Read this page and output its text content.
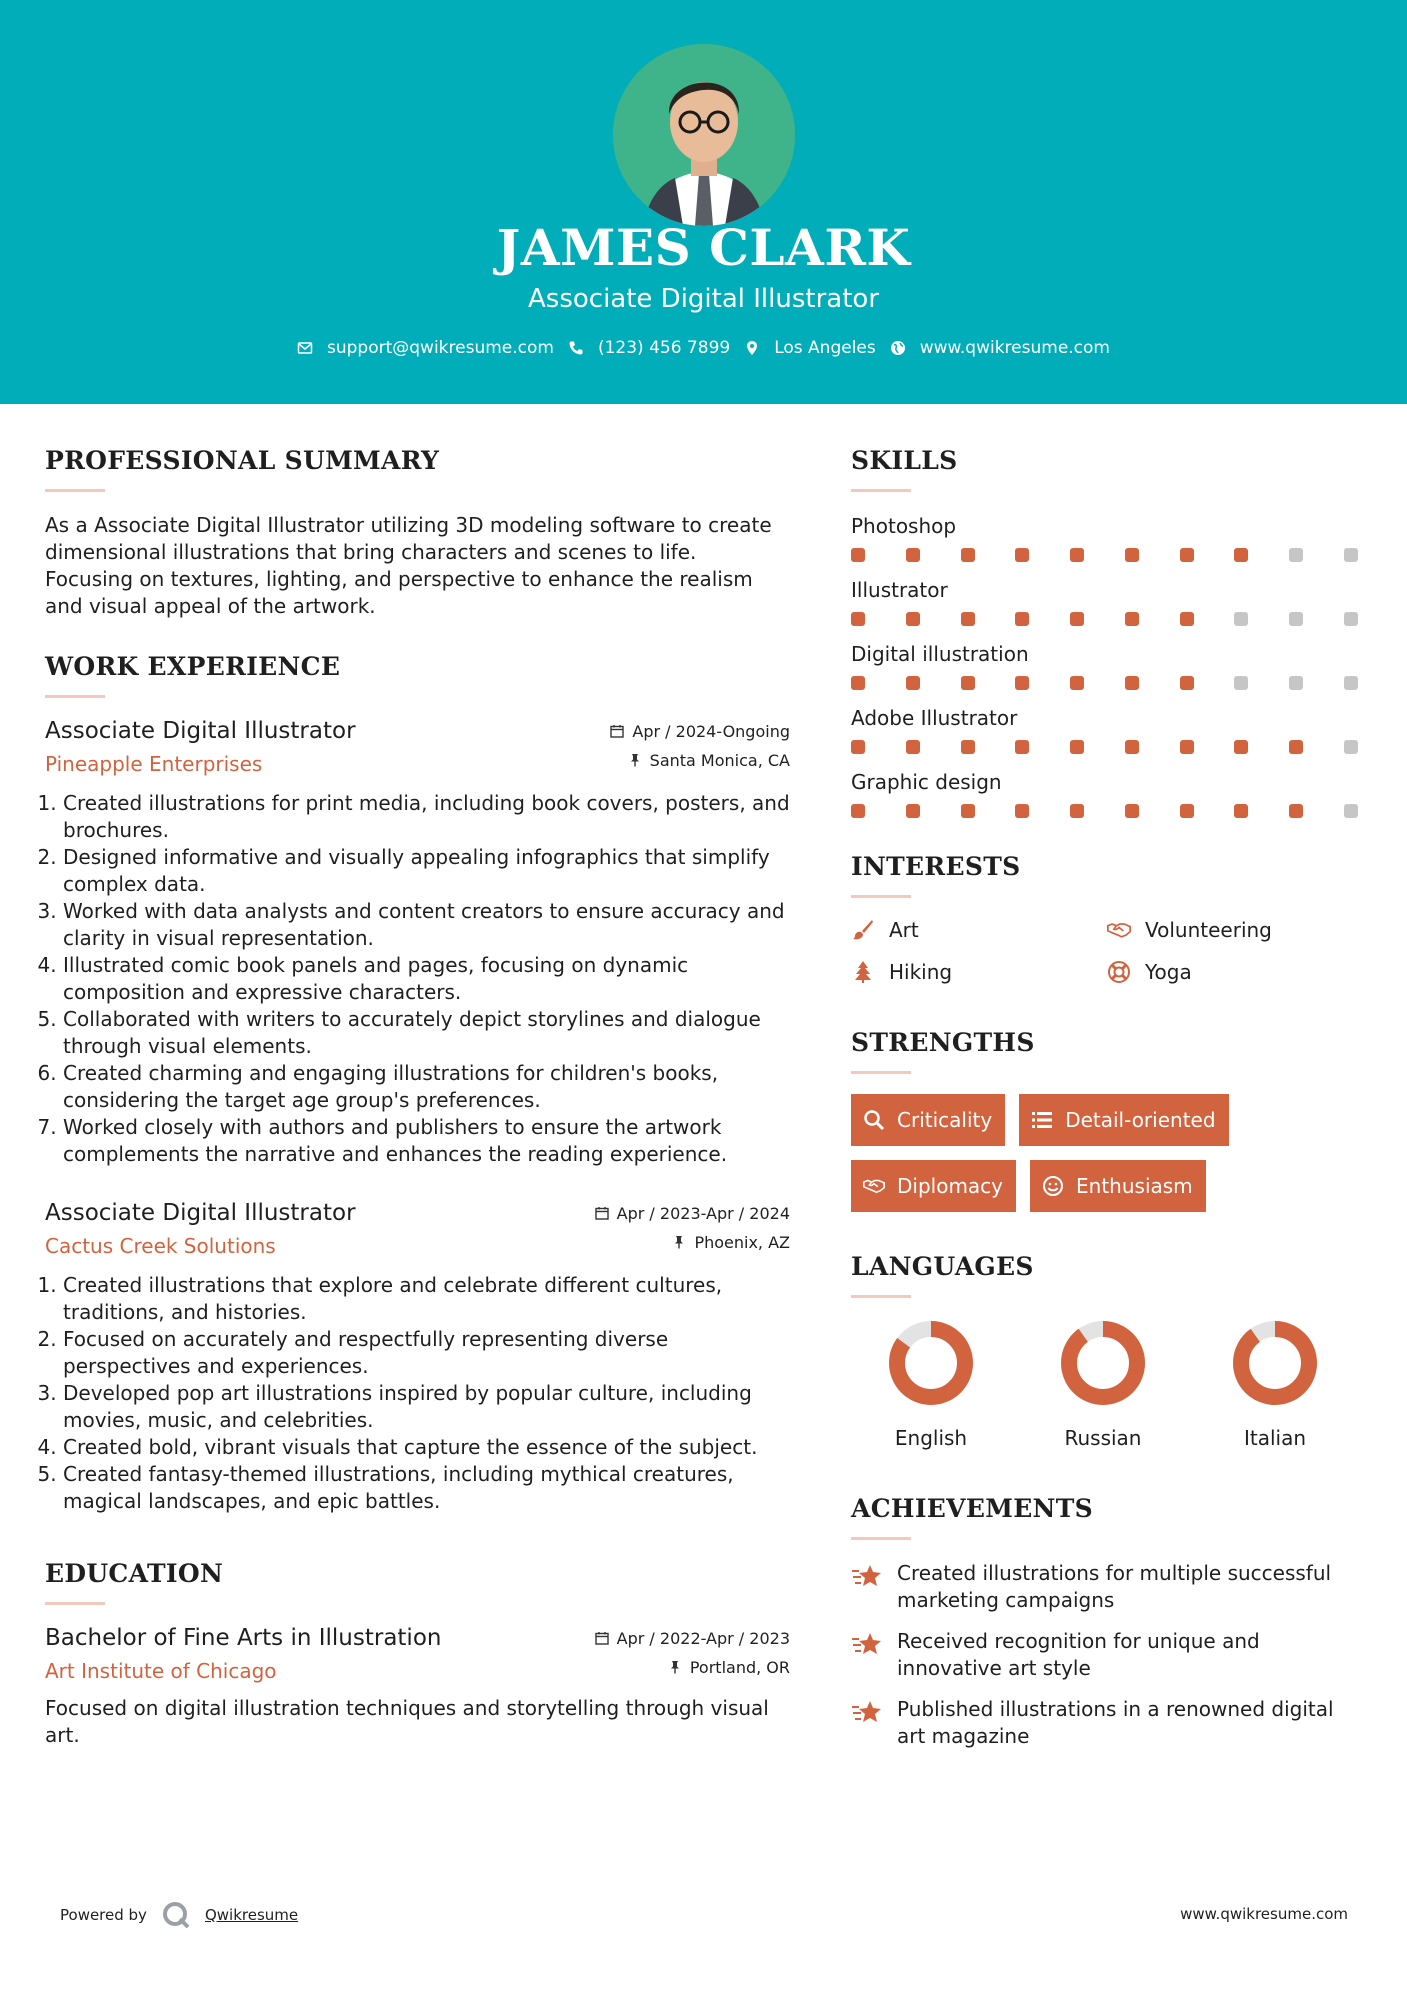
JAMES CLARK
Associate Digital Illustrator
support@qwikresume.com	(123) 456 7899	Los Angeles	www.qwikresume.com
PROFESSIONAL SUMMARY

As a Associate Digital Illustrator utilizing 3D modeling software to create dimensional illustrations that bring characters and scenes to life. Focusing on textures, lighting, and perspective to enhance the realism and visual appeal of the artwork.

WORK EXPERIENCE
Associate Digital Illustrator	Apr / 2024-Ongoing
Pineapple Enterprises	Santa Monica, CA
1. Created illustrations for print media, including book covers, posters, and brochures.
2. Designed informative and visually appealing infographics that simplify complex data.
3. Worked with data analysts and content creators to ensure accuracy and clarity in visual representation.
4. Illustrated comic book panels and pages, focusing on dynamic composition and expressive characters.
5. Collaborated with writers to accurately depict storylines and dialogue through visual elements.
6. Created charming and engaging illustrations for children's books, considering the target age group's preferences.
7. Worked closely with authors and publishers to ensure the artwork complements the narrative and enhances the reading experience.
Associate Digital Illustrator	Apr / 2023-Apr / 2024
Cactus Creek Solutions	Phoenix, AZ
1. Created illustrations that explore and celebrate different cultures, traditions, and histories.
2. Focused on accurately and respectfully representing diverse perspectives and experiences.
3. Developed pop art illustrations inspired by popular culture, including movies, music, and celebrities.
4. Created bold, vibrant visuals that capture the essence of the subject.
5. Created fantasy-themed illustrations, including mythical creatures, magical landscapes, and epic battles.
EDUCATION
Bachelor of Fine Arts in Illustration	Apr / 2022-Apr / 2023
Art Institute of Chicago	Portland, OR

Focused on digital illustration techniques and storytelling through visual art.

SKILLS
Photoshop
Illustrator
Digital illustration
Adobe Illustrator
Graphic design
INTERESTS
Art	Volunteering
Hiking	Yoga
STRENGTHS
Criticality	Detail-oriented
Diplomacy	Enthusiasm
LANGUAGES
English	Russian	Italian
ACHIEVEMENTS
Created illustrations for multiple successful marketing campaigns
Received recognition for unique and innovative art style
Published illustrations in a renowned digital art magazine
Powered by	Qwikresume	www.qwikresume.com
